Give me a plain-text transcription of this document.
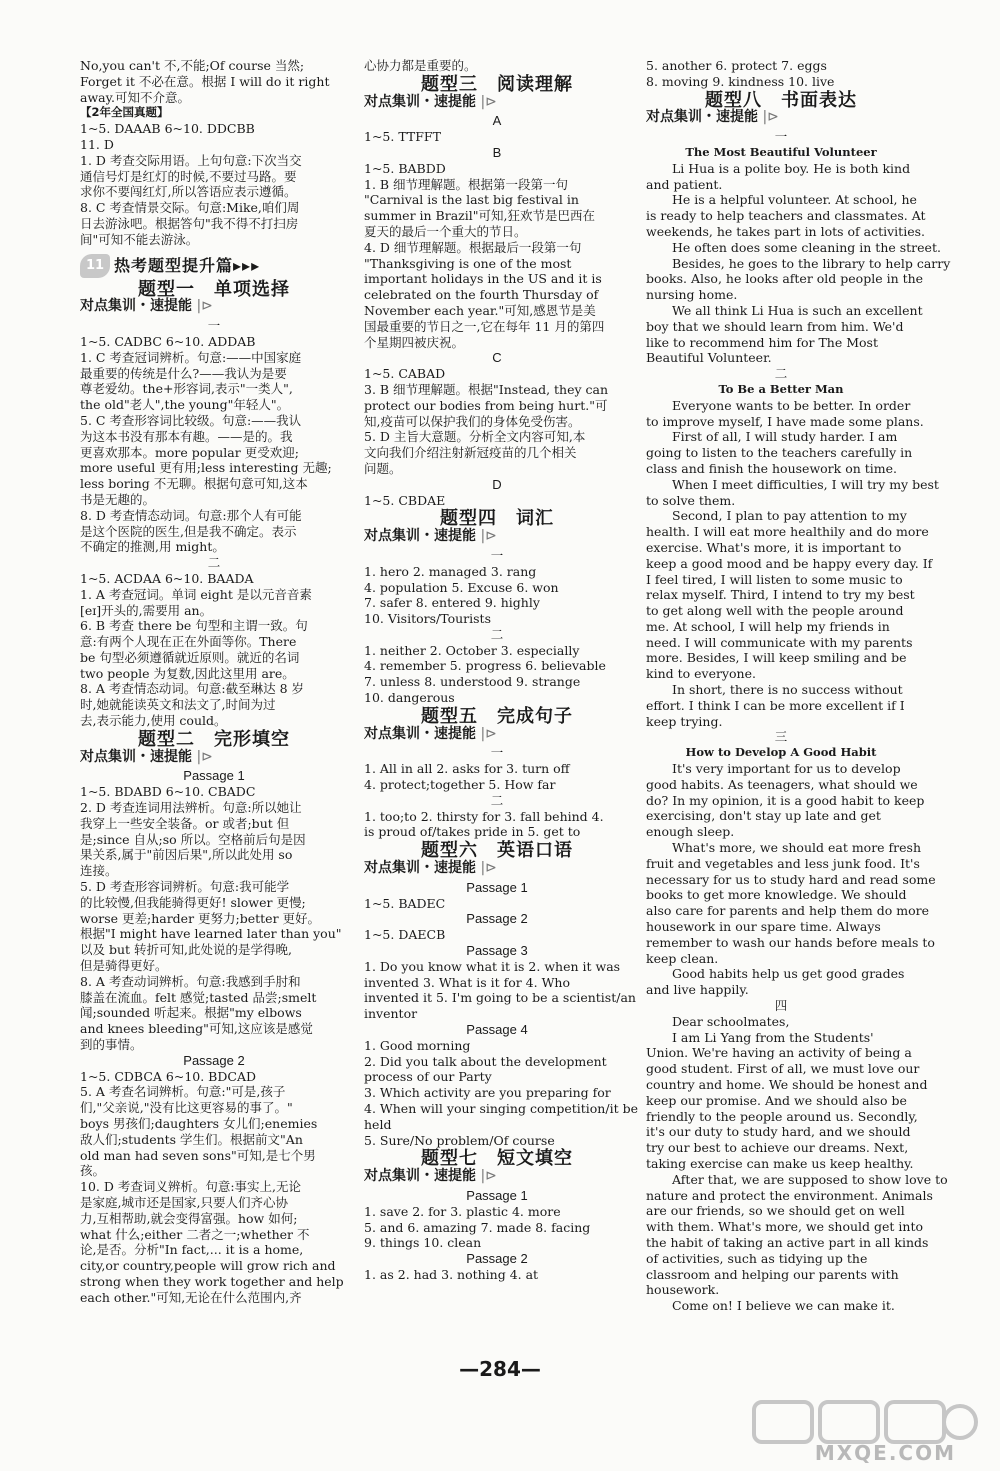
No,you can't 不,不能;Of course 当然;
Forget it 不必在意。根据 I will do it right
away.可知不介意。
【2年全国真题】
1~5. DAAAB 6~10. DDCBB
11. D
1. D 考查交际用语。上句句意:下次当交
通信号灯是红灯的时候,不要过马路。要
求你不要闯红灯,所以答语应表示遵循。
8. C 考查情景交际。句意:Mike,咱们周
日去游泳吧。根据答句"我不得不打扫房
间"可知不能去游泳。
11 热考题型提升篇▸▸▸
题型一　单项选择
对点集训・速提能 |⊳
一
1~5. CADBC 6~10. ADDAB
1. C 考查冠词辨析。句意:——中国家庭
最重要的传统是什么?——我认为是要
尊老爱幼。the+形容词,表示"一类人",
the old"老人",the young"年轻人"。
5. C 考查形容词比较级。句意:——我认
为这本书没有那本有趣。——是的。我
更喜欢那本。more popular 更受欢迎;
more useful 更有用;less interesting 无趣;
less boring 不无聊。根据句意可知,这本
书是无趣的。
8. D 考查情态动词。句意:那个人有可能
是这个医院的医生,但是我不确定。表示
不确定的推测,用 might。
二
1~5. ACDAA 6~10. BAADA
1. A 考查冠词。单词 eight 是以元音音素
[eɪ]开头的,需要用 an。
6. B 考查 there be 句型和主谓一致。句
意:有两个人现在正在外面等你。There
be 句型必须遵循就近原则。就近的名词
two people 为复数,因此这里用 are。
8. A 考查情态动词。句意:截至琳达 8 岁
时,她就能读英文和法文了,时间为过
去,表示能力,使用 could。
题型二　完形填空
对点集训・速提能 |⊳
Passage 1
1~5. BDABD 6~10. CBADC
2. D 考查连词用法辨析。句意:所以她让
我穿上一些安全装备。or 或者;but 但
是;since 自从;so 所以。空格前后句是因
果关系,属于"前因后果",所以此处用 so
连接。
5. D 考查形容词辨析。句意:我可能学
的比较慢,但我能骑得更好! slower 更慢;
worse 更差;harder 更努力;better 更好。
根据"I might have learned later than you"
以及 but 转折可知,此处说的是学得晚,
但是骑得更好。
8. A 考查动词辨析。句意:我感到手肘和
膝盖在流血。felt 感觉;tasted 品尝;smelt
闻;sounded 听起来。根据"my elbows
and knees bleeding"可知,这应该是感觉
到的事情。
Passage 2
1~5. CDBCA 6~10. BDCAD
5. A 考查名词辨析。句意:"可是,孩子
们,"父亲说,"没有比这更容易的事了。"
boys 男孩们;daughters 女儿们;enemies
敌人们;students 学生们。根据前文"An
old man had seven sons"可知,是七个男
孩。
10. D 考查词义辨析。句意:事实上,无论
是家庭,城市还是国家,只要人们齐心协
力,互相帮助,就会变得富强。how 如何;
what 什么;either 二者之一;whether 不
论,是否。分析"In fact,... it is a home,
city,or country,people will grow rich and
strong when they work together and help
each other."可知,无论在什么范围内,齐
心协力都是重要的。
题型三　阅读理解
对点集训・速提能 |⊳
A
1~5. TTFFT
B
1~5. BABDD
1. B 细节理解题。根据第一段第一句
"Carnival is the last big festival in
summer in Brazil"可知,狂欢节是巴西在
夏天的最后一个重大的节日。
4. D 细节理解题。根据最后一段第一句
"Thanksgiving is one of the most
important holidays in the US and it is
celebrated on the fourth Thursday of
November each year."可知,感恩节是美
国最重要的节日之一,它在每年 11 月的第四
个星期四被庆祝。
C
1~5. CABAD
3. B 细节理解题。根据"Instead, they can
protect our bodies from being hurt."可
知,疫苗可以保护我们的身体免受伤害。
5. D 主旨大意题。分析全文内容可知,本
文向我们介绍注射新冠疫苗的几个相关
问题。
D
1~5. CBDAE
题型四　词汇
对点集训・速提能 |⊳
一
1. hero 2. managed 3. rang
4. population 5. Excuse 6. won
7. safer 8. entered 9. highly
10. Visitors/Tourists
二
1. neither 2. October 3. especially
4. remember 5. progress 6. believable
7. unless 8. understood 9. strange
10. dangerous
题型五　完成句子
对点集训・速提能 |⊳
一
1. All in all 2. asks for 3. turn off
4. protect;together 5. How far
二
1. too;to 2. thirsty for 3. fall behind 4.
is proud of/takes pride in 5. get to
题型六　英语口语
对点集训・速提能 |⊳
Passage 1
1~5. BADEC
Passage 2
1~5. DAECB
Passage 3
1. Do you know what it is 2. when it was
invented 3. What is it for 4. Who
invented it 5. I'm going to be a scientist/an
inventor
Passage 4
1. Good morning
2. Did you talk about the development
process of our Party
3. Which activity are you preparing for
4. When will your singing competition/it be
held
5. Sure/No problem/Of course
题型七　短文填空
对点集训・速提能 |⊳
Passage 1
1. save 2. for 3. plastic 4. more
5. and 6. amazing 7. made 8. facing
9. things 10. clean
Passage 2
1. as 2. had 3. nothing 4. at
5. another 6. protect 7. eggs
8. moving 9. kindness 10. live
题型八　书面表达
对点集训・速提能 |⊳
一
The Most Beautiful Volunteer
Li Hua is a polite boy. He is both kind
and patient.
He is a helpful volunteer. At school, he
is ready to help teachers and classmates. At
weekends, he takes part in lots of activities.
He often does some cleaning in the street.
Besides, he goes to the library to help carry
books. Also, he looks after old people in the
nursing home.
We all think Li Hua is such an excellent
boy that we should learn from him. We'd
like to recommend him for The Most
Beautiful Volunteer.
二
To Be a Better Man
Everyone wants to be better. In order
to improve myself, I have made some plans.
First of all, I will study harder. I am
going to listen to the teachers carefully in
class and finish the housework on time.
When I meet difficulties, I will try my best
to solve them.
Second, I plan to pay attention to my
health. I will eat more healthily and do more
exercise. What's more, it is important to
keep a good mood and be happy every day. If
I feel tired, I will listen to some music to
relax myself. Third, I intend to try my best
to get along well with the people around
me. At school, I will help my friends in
need. I will communicate with my parents
more. Besides, I will keep smiling and be
kind to everyone.
In short, there is no success without
effort. I think I can be more excellent if I
keep trying.
三
How to Develop A Good Habit
It's very important for us to develop
good habits. As teenagers, what should we
do? In my opinion, it is a good habit to keep
exercising, don't stay up late and get
enough sleep.
What's more, we should eat more fresh
fruit and vegetables and less junk food. It's
necessary for us to study hard and read some
books to get more knowledge. We should
also care for parents and help them do more
housework in our spare time. Always
remember to wash our hands before meals to
keep clean.
Good habits help us get good grades
and live happily.
四
Dear schoolmates,
I am Li Yang from the Students'
Union. We're having an activity of being a
good student. First of all, we must love our
country and home. We should be honest and
keep our promise. And we should also be
friendly to the people around us. Secondly,
it's our duty to study hard, and we should
try our best to achieve our dreams. Next,
taking exercise can make us keep healthy.
After that, we are supposed to show love to
nature and protect the environment. Animals
are our friends, so we should get on well
with them. What's more, we should get into
the habit of taking an active part in all kinds
of activities, such as tidying up the
classroom and helping our parents with
housework.
Come on! I believe we can make it.
—284—
MXQE.COM
